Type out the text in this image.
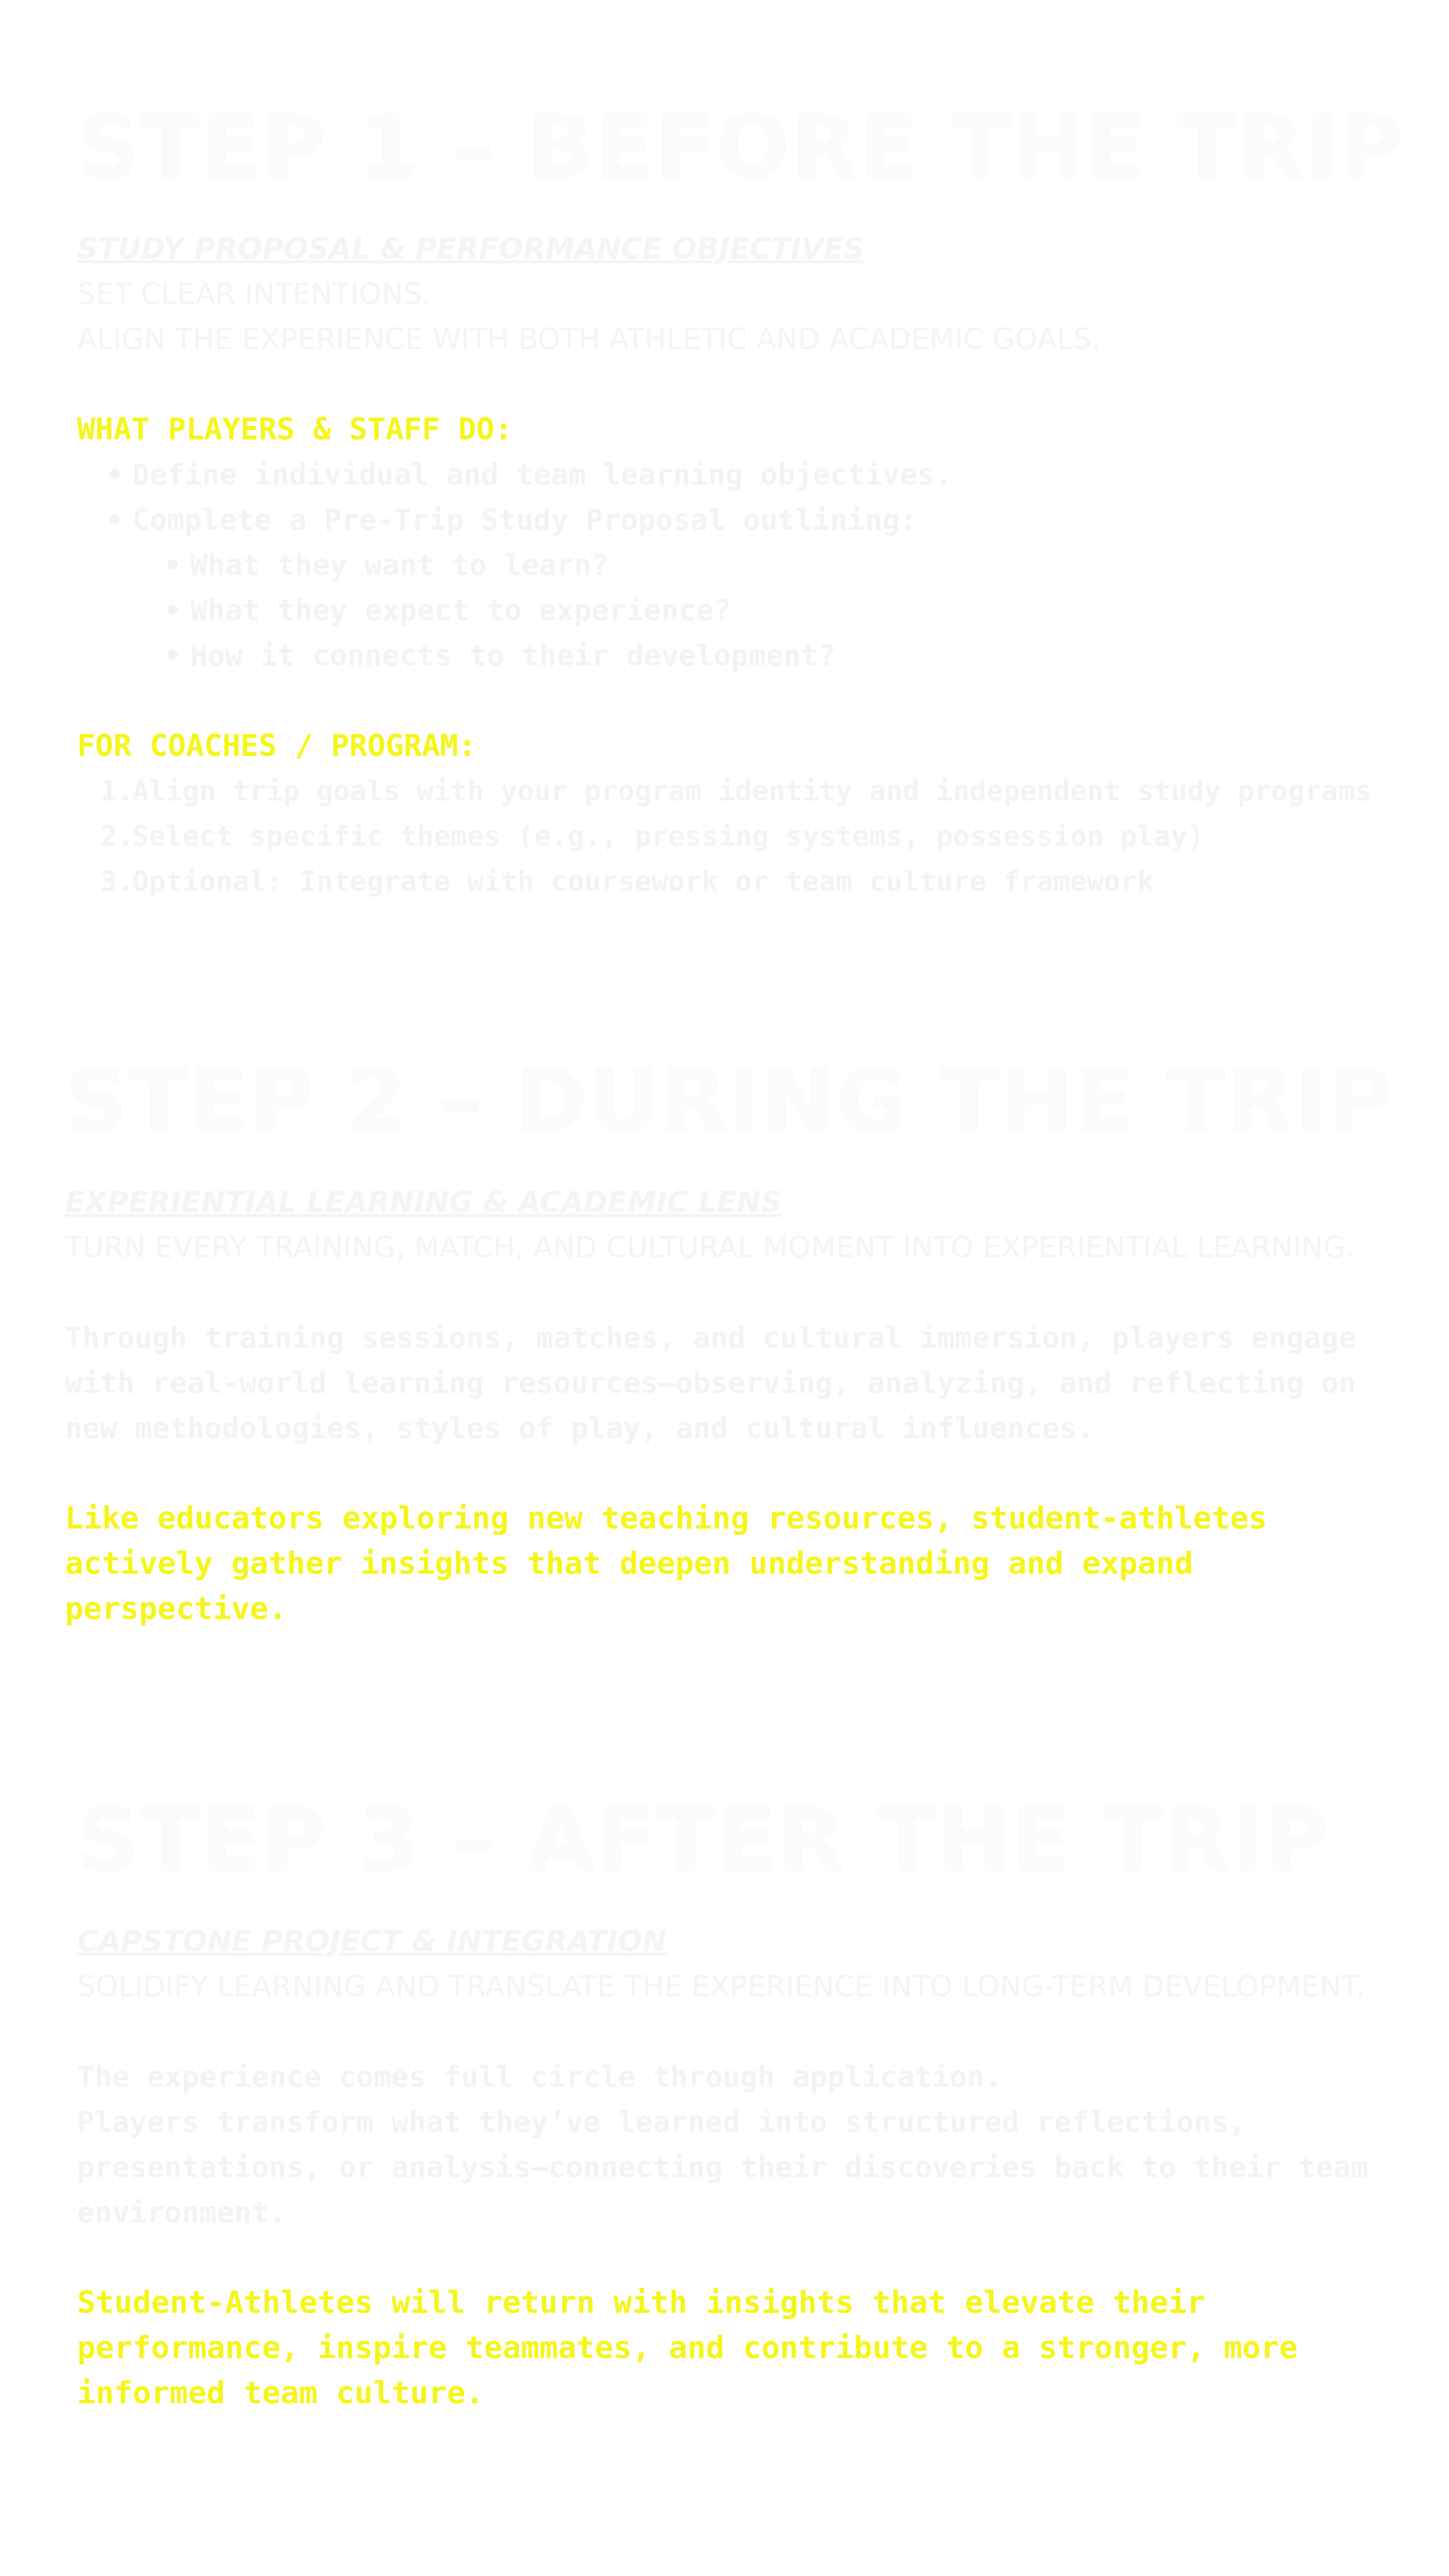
STEP 1 – BEFORE THE TRIP
STUDY PROPOSAL & PERFORMANCE OBJECTIVES
SET CLEAR INTENTIONS.
ALIGN THE EXPERIENCE WITH BOTH ATHLETIC AND ACADEMIC GOALS.
WHAT PLAYERS & STAFF DO:
• Define individual and team learning objectives.
• Complete a Pre-Trip Study Proposal outlining:
• What they want to learn?
• What they expect to experience?
• How it connects to their development?
FOR COACHES / PROGRAM:
1.
Align trip goals with your program identity and independent study programs
2.
Select specific themes (e.g., pressing systems, possession play)
3.
Optional: Integrate with coursework or team culture framework
STEP 2 – DURING THE TRIP
EXPERIENTIAL LEARNING & ACADEMIC LENS
TURN EVERY TRAINING, MATCH, AND CULTURAL MOMENT INTO EXPERIENTIAL LEARNING.

Through training sessions, matches, and cultural immersion, players engage with real-world learning resources—observing, analyzing, and reflecting on new methodologies, styles of play, and cultural influences.

Like educators exploring new teaching resources, student-athletes actively gather insights that deepen understanding and expand perspective.

STEP 3 – AFTER THE TRIP
CAPSTONE PROJECT & INTEGRATION
SOLIDIFY LEARNING AND TRANSLATE THE EXPERIENCE INTO LONG-TERM DEVELOPMENT.

The experience comes full circle through application.

Players transform what they’ve learned into structured reflections, presentations, or analysis—connecting their discoveries back to their team environment.

Student-Athletes will return with insights that elevate their performance, inspire teammates, and contribute to a stronger, more informed team culture.
